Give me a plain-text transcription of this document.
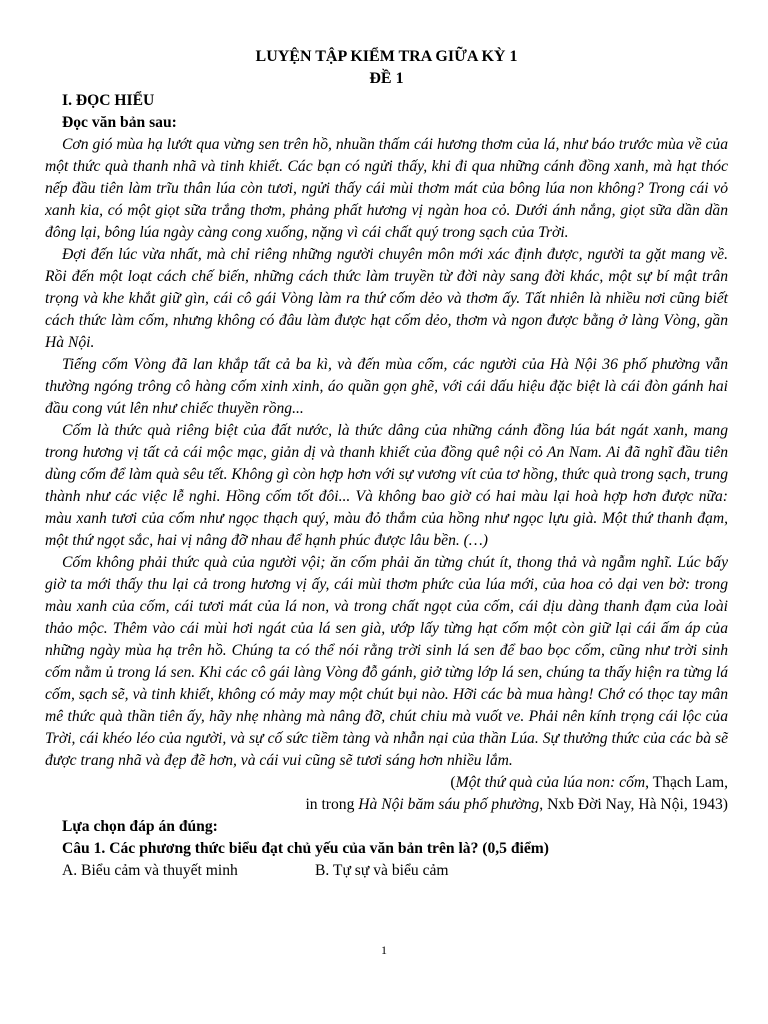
LUYỆN TẬP KIỂM TRA GIỮA KỲ 1

ĐỀ 1

I. ĐỌC HIỂU

Đọc văn bản sau:

Cơn gió mùa hạ lướt qua vừng sen trên hồ, nhuần thấm cái hương thơm của lá, như báo trước mùa về của một thức quà thanh nhã và tinh khiết. Các bạn có ngửi thấy, khi đi qua những cánh đồng xanh, mà hạt thóc nếp đầu tiên làm trĩu thân lúa còn tươi, ngửi thấy cái mùi thơm mát của bông lúa non không? Trong cái vỏ xanh kia, có một giọt sữa trắng thơm, phảng phất hương vị ngàn hoa cỏ. Dưới ánh nắng, giọt sữa dần dần đông lại, bông lúa ngày càng cong xuống, nặng vì cái chất quý trong sạch của Trời.

Đợi đến lúc vừa nhất, mà chỉ riêng những người chuyên môn mới xác định được, người ta gặt mang về. Rồi đến một loạt cách chế biến, những cách thức làm truyền từ đời này sang đời khác, một sự bí mật trân trọng và khe khắt giữ gìn, cái cô gái Vòng làm ra thứ cốm dẻo và thơm ấy. Tất nhiên là nhiều nơi cũng biết cách thức làm cốm, nhưng không có đâu làm được hạt cốm dẻo, thơm và ngon được bằng ở làng Vòng, gần Hà Nội.

Tiếng cốm Vòng đã lan khắp tất cả ba kì, và đến mùa cốm, các người của Hà Nội 36 phố phường vẫn thường ngóng trông cô hàng cốm xinh xinh, áo quần gọn ghẽ, với cái dấu hiệu đặc biệt là cái đòn gánh hai đầu cong vút lên như chiếc thuyền rồng...

Cốm là thức quà riêng biệt của đất nước, là thức dâng của những cánh đồng lúa bát ngát xanh, mang trong hương vị tất cả cái mộc mạc, giản dị và thanh khiết của đồng quê nội cỏ An Nam. Ai đã nghĩ đầu tiên dùng cốm để làm quà sêu tết. Không gì còn hợp hơn với sự vương vít của tơ hồng, thức quà trong sạch, trung thành như các việc lễ nghi. Hồng cốm tốt đôi... Và không bao giờ có hai màu lại hoà hợp hơn được nữa: màu xanh tươi của cốm như ngọc thạch quý, màu đỏ thắm của hồng như ngọc lựu già. Một thứ thanh đạm, một thứ ngọt sắc, hai vị nâng đỡ nhau để hạnh phúc được lâu bền. (…)

Cốm không phải thức quà của người vội; ăn cốm phải ăn từng chút ít, thong thả và ngẫm nghĩ. Lúc bấy giờ ta mới thấy thu lại cả trong hương vị ấy, cái mùi thơm phức của lúa mới, của hoa cỏ dại ven bờ: trong màu xanh của cốm, cái tươi mát của lá non, và trong chất ngọt của cốm, cái dịu dàng thanh đạm của loài thảo mộc. Thêm vào cái mùi hơi ngát của lá sen già, ướp lấy từng hạt cốm một còn giữ lại cái ấm áp của những ngày mùa hạ trên hồ. Chúng ta có thể nói rằng trời sinh lá sen để bao bọc cốm, cũng như trời sinh cốm nằm ủ trong lá sen. Khi các cô gái làng Vòng đỗ gánh, giở từng lớp lá sen, chúng ta thấy hiện ra từng lá cốm, sạch sẽ, và tinh khiết, không có mảy may một chút bụi nào. Hỡi các bà mua hàng! Chớ có thọc tay mân mê thức quà thần tiên ấy, hãy nhẹ nhàng mà nâng đỡ, chút chiu mà vuốt ve. Phải nên kính trọng cái lộc của Trời, cái khéo léo của người, và sự cố sức tiềm tàng và nhẫn nại của thần Lúa. Sự thưởng thức của các bà sẽ được trang nhã và đẹp đẽ hơn, và cái vui cũng sẽ tươi sáng hơn nhiều lắm.

(Một thứ quà của lúa non: cốm, Thạch Lam,

in trong Hà Nội băm sáu phố phường, Nxb Đời Nay, Hà Nội, 1943)

Lựa chọn đáp án đúng:

Câu 1. Các phương thức biểu đạt chủ yếu của văn bản trên là? (0,5 điểm)

A. Biểu cảm và thuyết minh	B. Tự sự và biểu cảm
1
